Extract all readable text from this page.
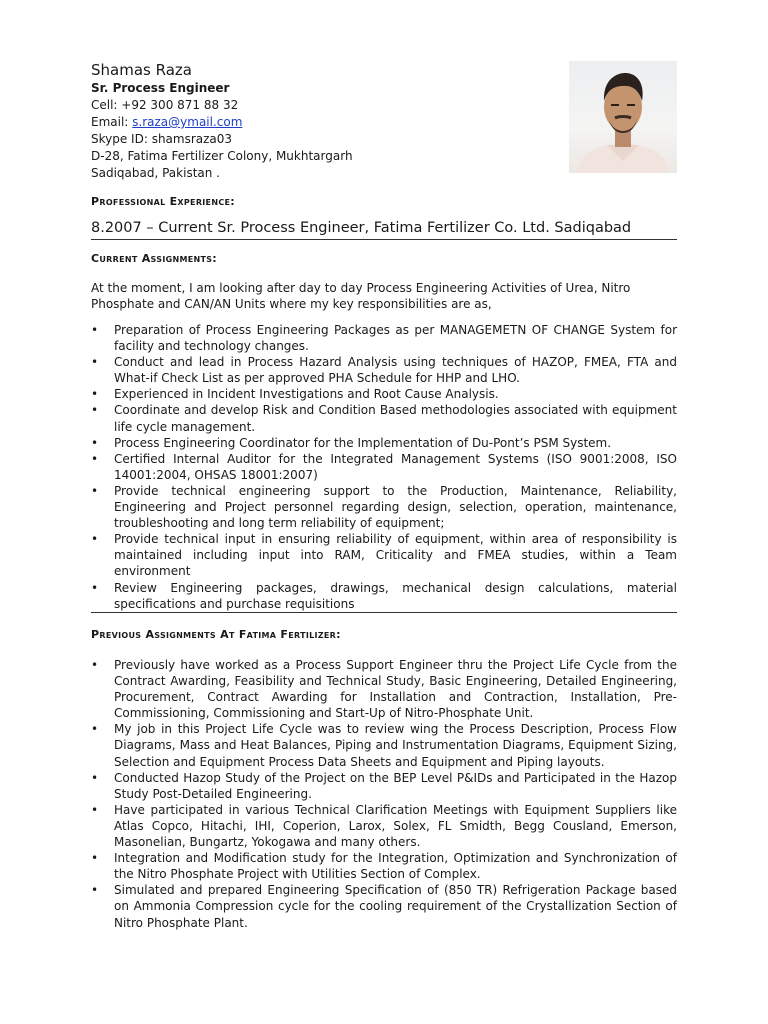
Shamas Raza
Sr. Process Engineer
Cell: +92 300 871 88 32
Email: s.raza@ymail.com
Skype ID: shamsraza03
D-28, Fatima Fertilizer Colony, Mukhtargarh
Sadiqabad, Pakistan .
Professional Experience:
8.2007 – Current Sr. Process Engineer, Fatima Fertilizer Co. Ltd. Sadiqabad
Current Assignments:

At the moment, I am looking after day to day Process Engineering Activities of Urea, Nitro Phosphate and CAN/AN Units where my key responsibilities are as,

• Preparation of Process Engineering Packages as per MANAGEMETN OF CHANGE System for facility and technology changes.
• Conduct and lead in Process Hazard Analysis using techniques of HAZOP, FMEA, FTA and What-if Check List as per approved PHA Schedule for HHP and LHO.
• Experienced in Incident Investigations and Root Cause Analysis.
• Coordinate and develop Risk and Condition Based methodologies associated with equipment life cycle management.
• Process Engineering Coordinator for the Implementation of Du-Pont’s PSM System.
• Certified Internal Auditor for the Integrated Management Systems (ISO 9001:2008, ISO 14001:2004, OHSAS 18001:2007)
• Provide technical engineering support to the Production, Maintenance, Reliability, Engineering and Project personnel regarding design, selection, operation, maintenance, troubleshooting and long term reliability of equipment;
• Provide technical input in ensuring reliability of equipment, within area of responsibility is maintained including input into RAM, Criticality and FMEA studies, within a Team environment
• Review Engineering packages, drawings, mechanical design calculations, material specifications and purchase requisitions
Previous Assignments At Fatima Fertilizer:
• Previously have worked as a Process Support Engineer thru the Project Life Cycle from the Contract Awarding, Feasibility and Technical Study, Basic Engineering, Detailed Engineering, Procurement, Contract Awarding for Installation and Contraction, Installation, Pre-Commissioning, Commissioning and Start-Up of Nitro-Phosphate Unit.
• My job in this Project Life Cycle was to review wing the Process Description, Process Flow Diagrams, Mass and Heat Balances, Piping and Instrumentation Diagrams, Equipment Sizing, Selection and Equipment Process Data Sheets and Equipment and Piping layouts.
• Conducted Hazop Study of the Project on the BEP Level P&IDs and Participated in the Hazop Study Post-Detailed Engineering.
• Have participated in various Technical Clarification Meetings with Equipment Suppliers like Atlas Copco, Hitachi, IHI, Coperion, Larox, Solex, FL Smidth, Begg Cousland, Emerson, Masonelian, Bungartz, Yokogawa and many others.
• Integration and Modification study for the Integration, Optimization and Synchronization of the Nitro Phosphate Project with Utilities Section of Complex.
• Simulated and prepared Engineering Specification of (850 TR) Refrigeration Package based on Ammonia Compression cycle for the cooling requirement of the Crystallization Section of Nitro Phosphate Plant.
